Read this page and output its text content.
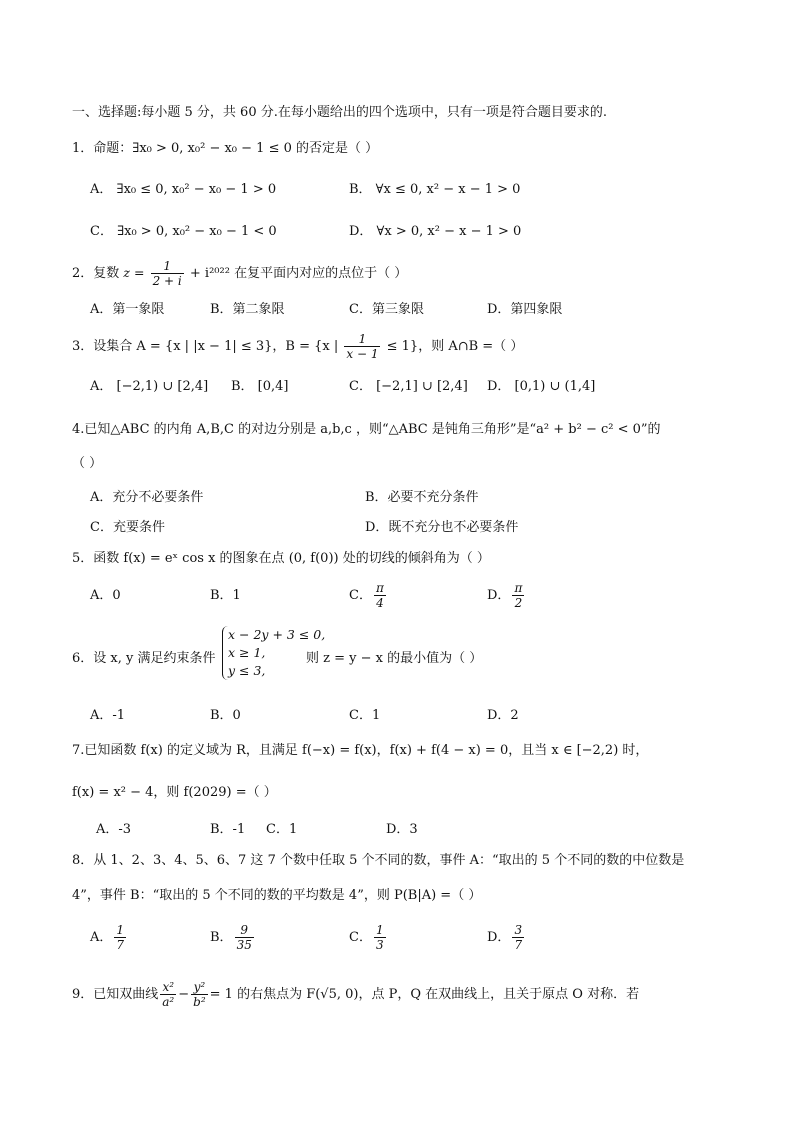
一、选择题:每小题 5 分，共 60 分.在每小题给出的四个选项中，只有一项是符合题目要求的.
1．命题：∃x₀ > 0, x₀² − x₀ − 1 ≤ 0 的否定是（ ）
A． ∃x₀ ≤ 0, x₀² − x₀ − 1 > 0	B． ∀x ≤ 0, x² − x − 1 > 0
C． ∃x₀ > 0, x₀² − x₀ − 1 < 0	D． ∀x > 0, x² − x − 1 > 0
2．复数 $z = \frac{1}{2 + i} + i^{2022}$ 在复平面内对应的点位于（ ）
A．第一象限	B．第二象限	C．第三象限	D．第四象限
3．设集合 A = {x | |x − 1| ≤ 3}，B = {x | $\frac{1}{x - 1} \le 1$}，则 A∩B =（ ）
A． [−2,1) ∪ [2,4] B． [0,4]	C． [−2,1] ∪ [2,4] D． [0,1) ∪ (1,4]
4.已知△ABC 的内角 A,B,C 的对边分别是 a,b,c ，则“△ABC 是钝角三角形”是“a² + b² − c² < 0”的
（ ）
A．充分不必要条件	B．必要不充分条件
C．充要条件	D．既不充分也不必要条件
5．函数 f(x) = eˣ cos x 的图象在点 (0, f(0)) 处的切线的倾斜角为（ ）
A．0	B．1	C． $\frac{\pi}{4}$	D． $\frac{\pi}{2}$
6．设 x, y 满足约束条件
x − 2y + 3 ≤ 0,
x ≥ 1,
y ≤ 3,
则 z = y − x 的最小值为（ ）
A．-1	B．0	C．1	D．2
7.已知函数 f(x) 的定义域为 R，且满足 f(−x) = f(x)，f(x) + f(4 − x) = 0，且当 x ∈ [−2,2) 时，
f(x) = x² − 4，则 f(2029) =（ ）
A．-3	B．-1 C．1	D．3
8．从 1、2、3、4、5、6、7 这 7 个数中任取 5 个不同的数，事件 A：“取出的 5 个不同的数的中位数是
4”，事件 B：“取出的 5 个不同的数的平均数是 4”，则 P(B|A) =（ ）
A． $\frac{1}{7}$	B． $\frac{9}{35}$	C． $\frac{1}{3}$	D． $\frac{3}{7}$
9．已知双曲线 $\frac{\text{x²}}{\text{a²}} - \frac{\text{y²}}{\text{b²}} = 1$ 的右焦点为 F(√5, 0)，点 P，Q 在双曲线上，且关于原点 O 对称．若
